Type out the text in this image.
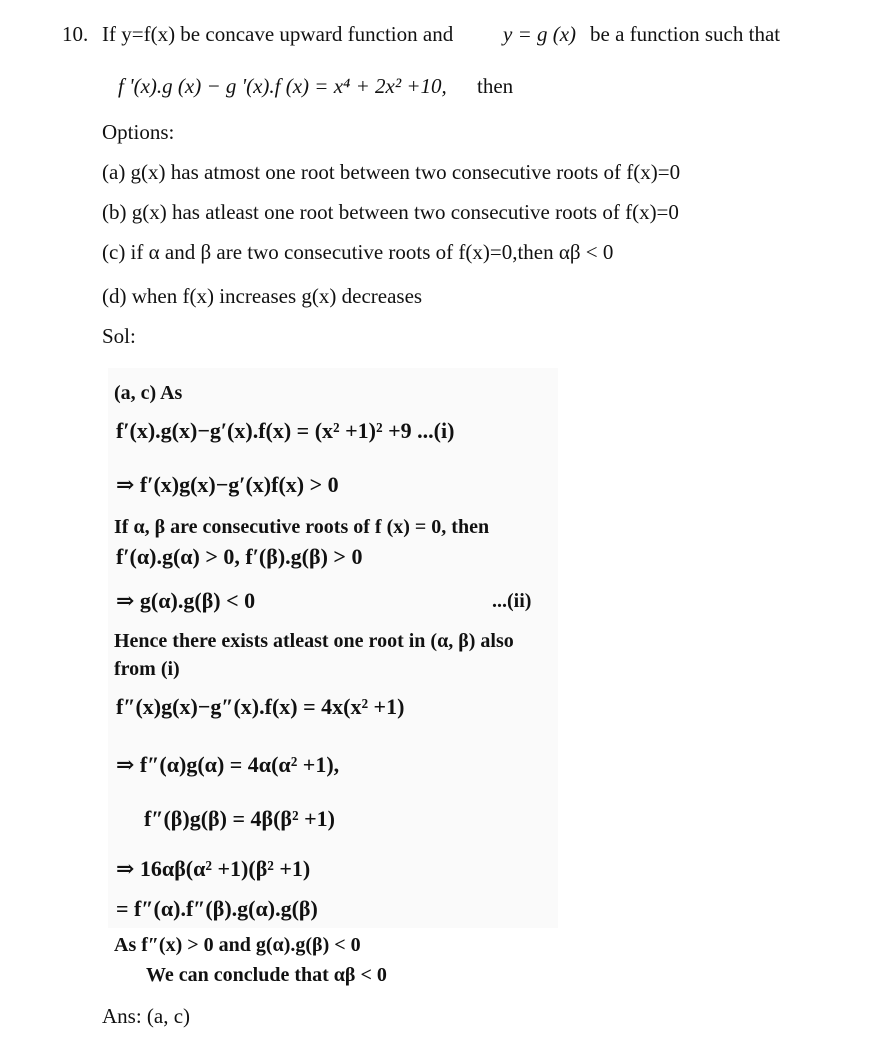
10. If y=f(x) be concave upward function and y = g (x) be a function such that
f '(x).g (x) − g '(x).f (x) = x⁴ + 2x² +10, then
Options:
(a) g(x) has atmost one root between two consecutive roots of f(x)=0
(b) g(x) has atleast one root between two consecutive roots of f(x)=0
(c) if α and β are two consecutive roots of f(x)=0,then αβ < 0
(d) when f(x) increases g(x) decreases
Sol:
(a, c) As
f′(x).g(x)−g′(x).f(x) = (x² +1)² +9 ...(i)
⇒ f′(x)g(x)−g′(x)f(x) > 0
If α, β are consecutive roots of f (x) = 0, then
f′(α).g(α) > 0, f′(β).g(β) > 0
⇒ g(α).g(β) < 0	...(ii)
Hence there exists atleast one root in (α, β) also
from (i)
f″(x)g(x)−g″(x).f(x) = 4x(x² +1)
⇒ f″(α)g(α) = 4α(α² +1),
f″(β)g(β) = 4β(β² +1)
⇒ 16αβ(α² +1)(β² +1)
= f″(α).f″(β).g(α).g(β)
As f″(x) > 0 and g(α).g(β) < 0
We can conclude that αβ < 0
Ans: (a, c)
